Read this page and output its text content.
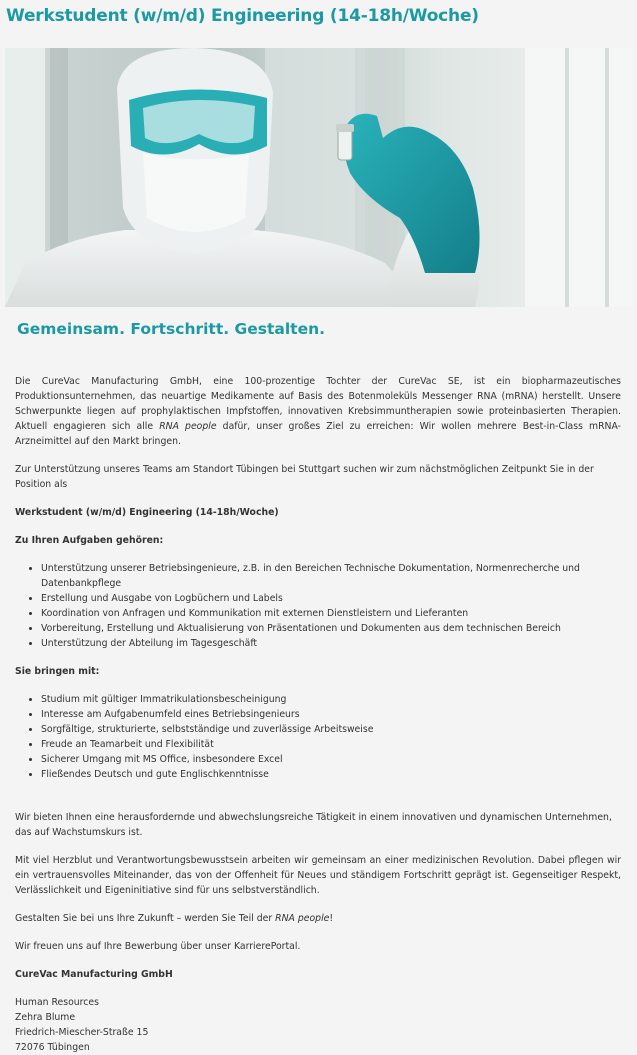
Werkstudent (w/m/d) Engineering (14-18h/Woche)
Gemeinsam. Fortschritt. Gestalten.

Die CureVac Manufacturing GmbH, eine 100-prozentige Tochter der CureVac SE, ist ein biopharmazeutisches Produktionsunternehmen, das neuartige Medikamente auf Basis des Botenmoleküls Messenger RNA (mRNA) herstellt. Unsere Schwerpunkte liegen auf prophylaktischen Impfstoffen, innovativen Krebsimmuntherapien sowie proteinbasierten Therapien. Aktuell engagieren sich alle RNA people dafür, unser großes Ziel zu erreichen: Wir wollen mehrere Best-in-Class mRNA-Arzneimittel auf den Markt bringen.

Zur Unterstützung unseres Teams am Standort Tübingen bei Stuttgart suchen wir zum nächstmöglichen Zeitpunkt Sie in der Position als

Werkstudent (w/m/d) Engineering (14-18h/Woche)

Zu Ihren Aufgaben gehören:

• Unterstützung unserer Betriebsingenieure, z.B. in den Bereichen Technische Dokumentation, Normenrecherche und Datenbankpflege
• Erstellung und Ausgabe von Logbüchern und Labels
• Koordination von Anfragen und Kommunikation mit externen Dienstleistern und Lieferanten
• Vorbereitung, Erstellung und Aktualisierung von Präsentationen und Dokumenten aus dem technischen Bereich
• Unterstützung der Abteilung im Tagesgeschäft

Sie bringen mit:

• Studium mit gültiger Immatrikulationsbescheinigung
• Interesse am Aufgabenumfeld eines Betriebsingenieurs
• Sorgfältige, strukturierte, selbstständige und zuverlässige Arbeitsweise
• Freude an Teamarbeit und Flexibilität
• Sicherer Umgang mit MS Office, insbesondere Excel
• Fließendes Deutsch und gute Englischkenntnisse

Wir bieten Ihnen eine herausfordernde und abwechslungsreiche Tätigkeit in einem innovativen und dynamischen Unternehmen, das auf Wachstumskurs ist.

Mit viel Herzblut und Verantwortungsbewusstsein arbeiten wir gemeinsam an einer medizinischen Revolution. Dabei pflegen wir ein vertrauensvolles Miteinander, das von der Offenheit für Neues und ständigem Fortschritt geprägt ist. Gegenseitiger Respekt, Verlässlichkeit und Eigeninitiative sind für uns selbstverständlich.

Gestalten Sie bei uns Ihre Zukunft – werden Sie Teil der RNA people!

Wir freuen uns auf Ihre Bewerbung über unser KarrierePortal.

CureVac Manufacturing GmbH

Human Resources

Zehra Blume

Friedrich-Miescher-Straße 15

72076 Tübingen
